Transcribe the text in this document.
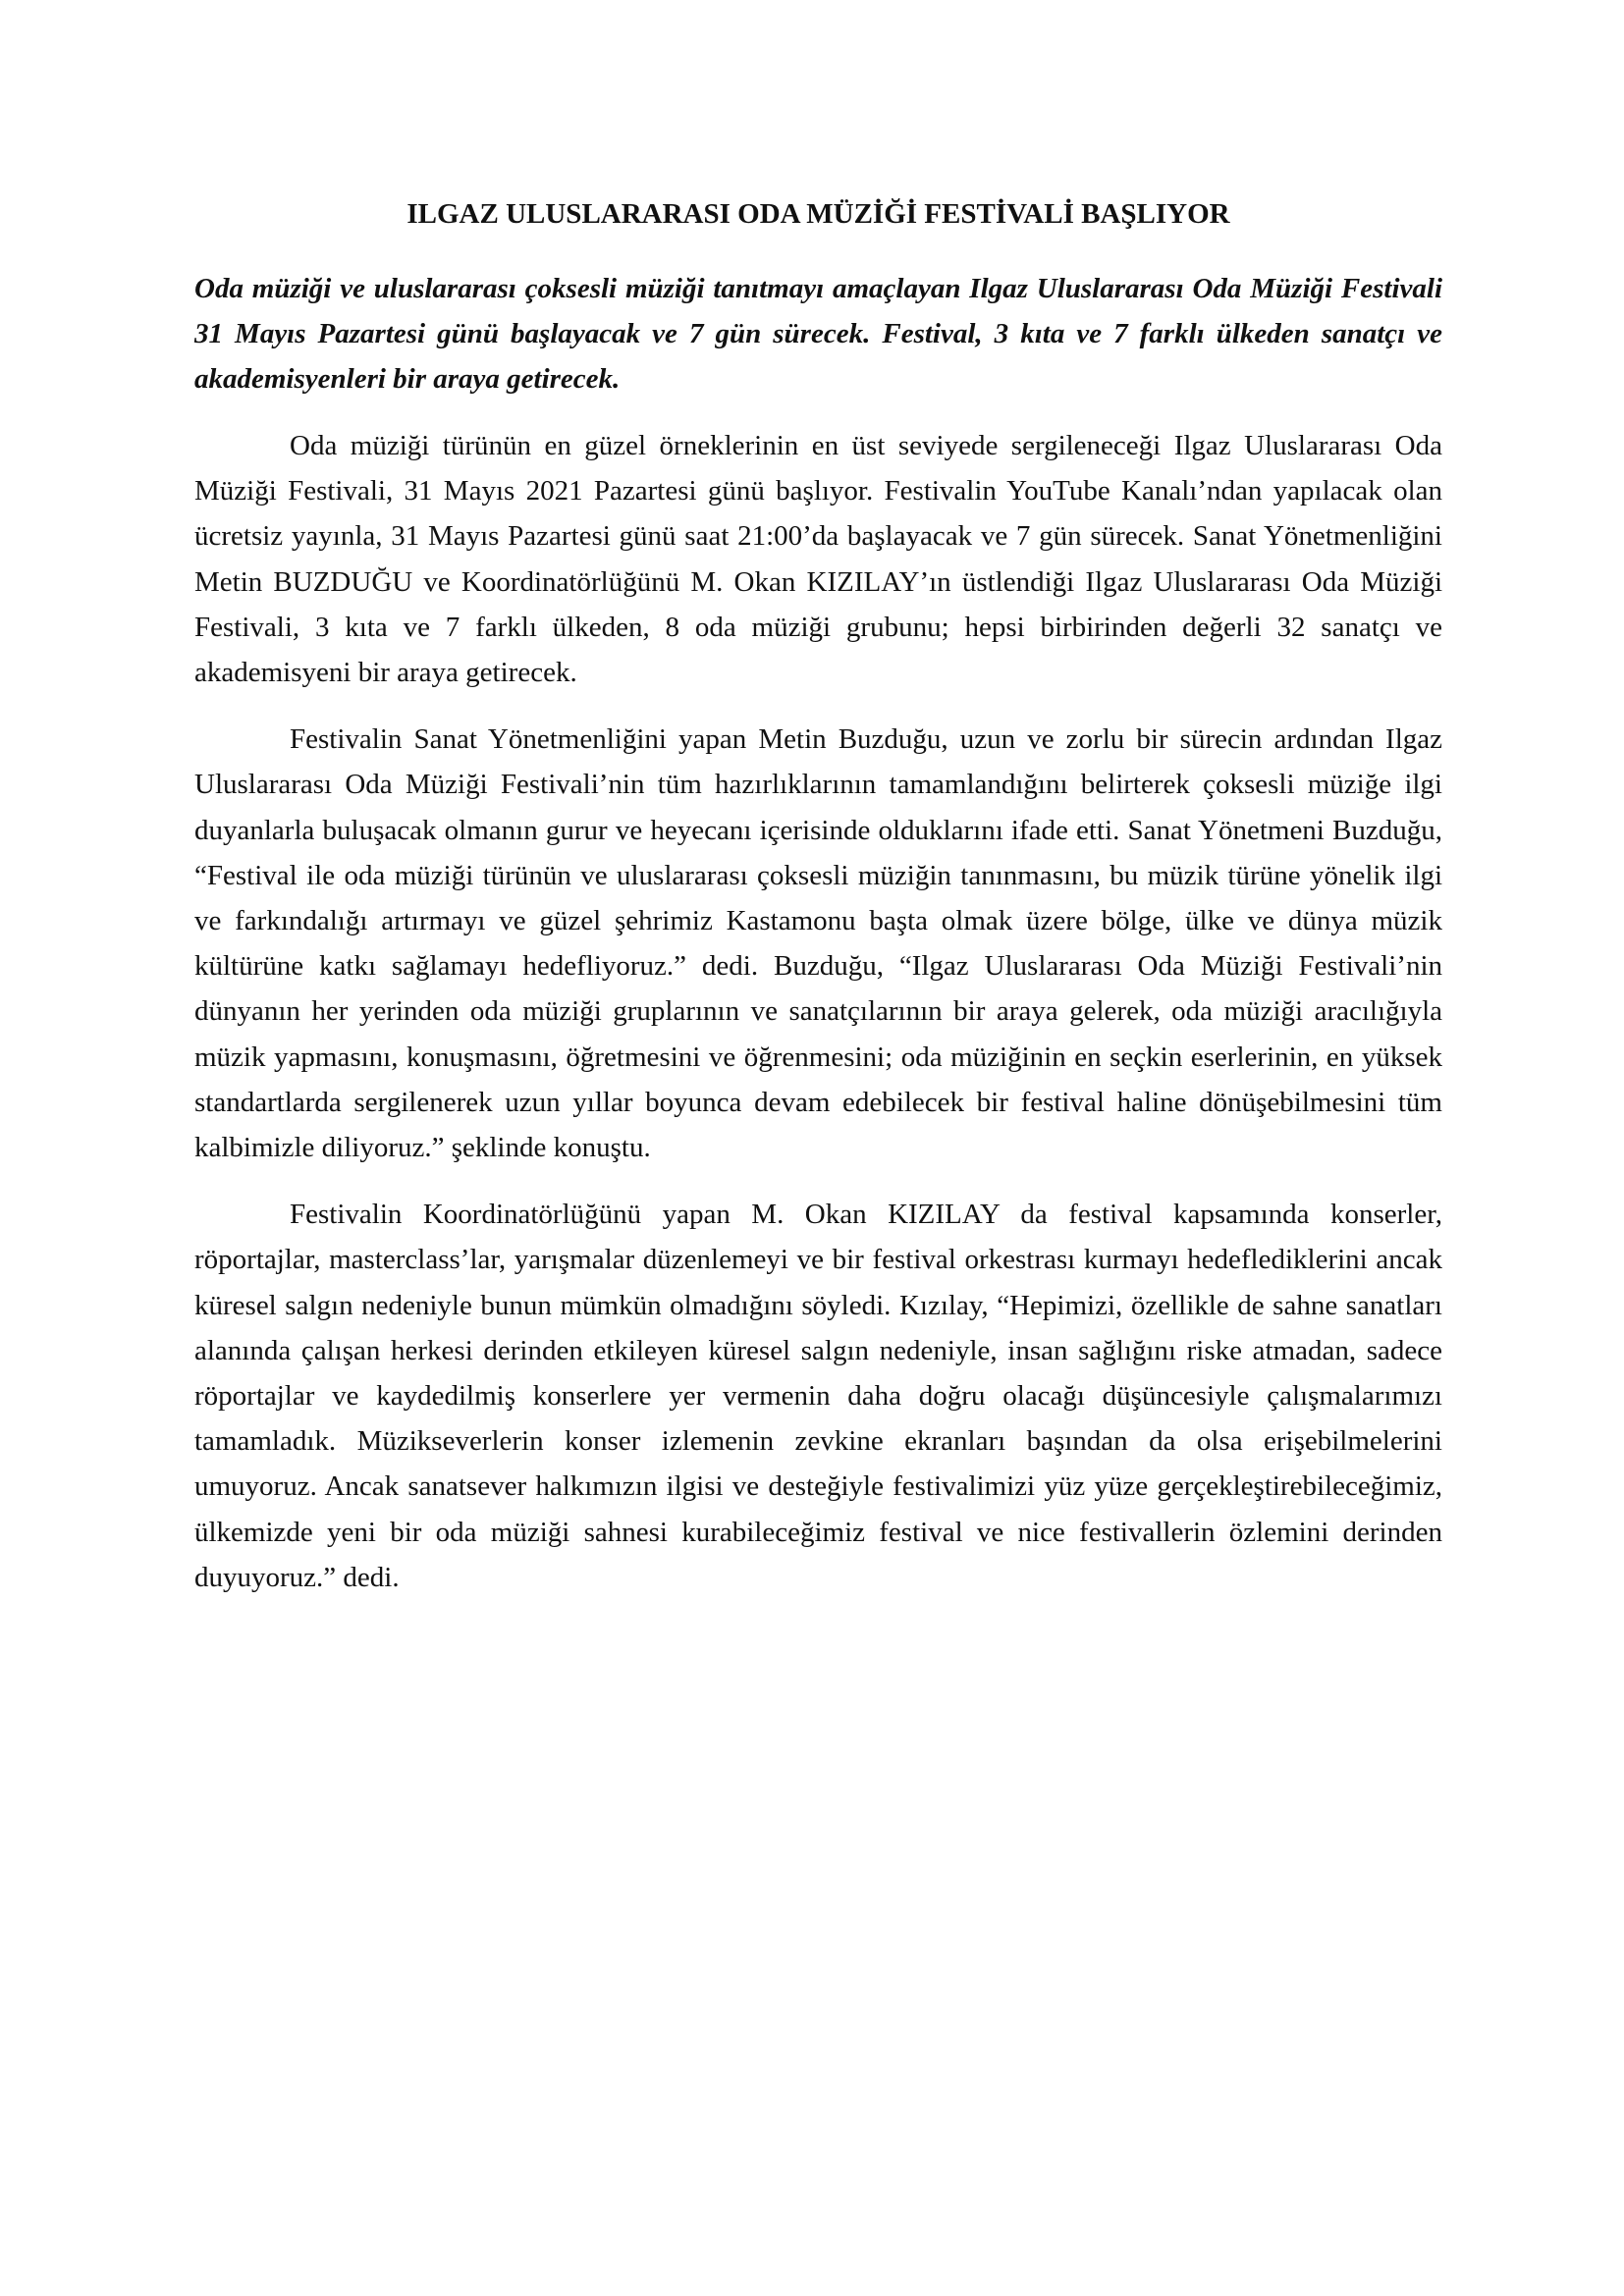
ILGAZ ULUSLARARASI ODA MÜZİĞİ FESTİVALİ BAŞLIYOR

Oda müziği ve uluslararası çoksesli müziği tanıtmayı amaçlayan Ilgaz Uluslararası Oda Müziği Festivali 31 Mayıs Pazartesi günü başlayacak ve 7 gün sürecek. Festival, 3 kıta ve 7 farklı ülkeden sanatçı ve akademisyenleri bir araya getirecek.

Oda müziği türünün en güzel örneklerinin en üst seviyede sergileneceği Ilgaz Uluslararası Oda Müziği Festivali, 31 Mayıs 2021 Pazartesi günü başlıyor. Festivalin YouTube Kanalı’ndan yapılacak olan ücretsiz yayınla, 31 Mayıs Pazartesi günü saat 21:00’da başlayacak ve 7 gün sürecek. Sanat Yönetmenliğini Metin BUZDUĞU ve Koordinatörlüğünü M. Okan KIZILAY’ın üstlendiği Ilgaz Uluslararası Oda Müziği Festivali, 3 kıta ve 7 farklı ülkeden, 8 oda müziği grubunu; hepsi birbirinden değerli 32 sanatçı ve akademisyeni bir araya getirecek.

Festivalin Sanat Yönetmenliğini yapan Metin Buzduğu, uzun ve zorlu bir sürecin ardından Ilgaz Uluslararası Oda Müziği Festivali’nin tüm hazırlıklarının tamamlandığını belirterek çoksesli müziğe ilgi duyanlarla buluşacak olmanın gurur ve heyecanı içerisinde olduklarını ifade etti. Sanat Yönetmeni Buzduğu, “Festival ile oda müziği türünün ve uluslararası çoksesli müziğin tanınmasını, bu müzik türüne yönelik ilgi ve farkındalığı artırmayı ve güzel şehrimiz Kastamonu başta olmak üzere bölge, ülke ve dünya müzik kültürüne katkı sağlamayı hedefliyoruz.” dedi. Buzduğu, “Ilgaz Uluslararası Oda Müziği Festivali’nin dünyanın her yerinden oda müziği gruplarının ve sanatçılarının bir araya gelerek, oda müziği aracılığıyla müzik yapmasını, konuşmasını, öğretmesini ve öğrenmesini; oda müziğinin en seçkin eserlerinin, en yüksek standartlarda sergilenerek uzun yıllar boyunca devam edebilecek bir festival haline dönüşebilmesini tüm kalbimizle diliyoruz.” şeklinde konuştu.

Festivalin Koordinatörlüğünü yapan M. Okan KIZILAY da festival kapsamında konserler, röportajlar, masterclass’lar, yarışmalar düzenlemeyi ve bir festival orkestrası kurmayı hedeflediklerini ancak küresel salgın nedeniyle bunun mümkün olmadığını söyledi. Kızılay, “Hepimizi, özellikle de sahne sanatları alanında çalışan herkesi derinden etkileyen küresel salgın nedeniyle, insan sağlığını riske atmadan, sadece röportajlar ve kaydedilmiş konserlere yer vermenin daha doğru olacağı düşüncesiyle çalışmalarımızı tamamladık. Müzikseverlerin konser izlemenin zevkine ekranları başından da olsa erişebilmelerini umuyoruz. Ancak sanatsever halkımızın ilgisi ve desteğiyle festivalimizi yüz yüze gerçekleştirebileceğimiz, ülkemizde yeni bir oda müziği sahnesi kurabileceğimiz festival ve nice festivallerin özlemini derinden duyuyoruz.” dedi.
